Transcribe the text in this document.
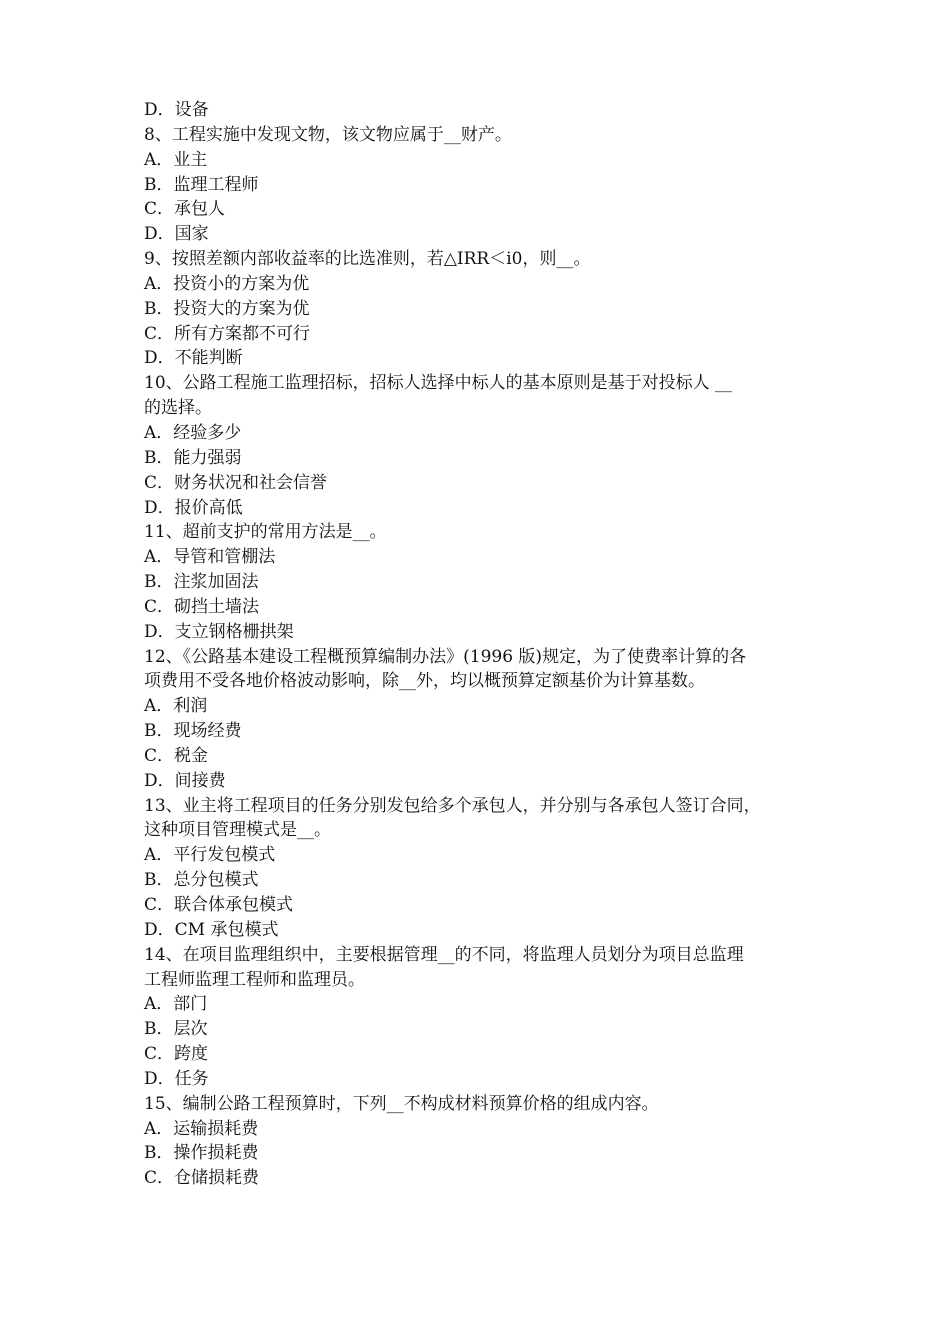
D．设备
8、工程实施中发现文物，该文物应属于__财产。
A．业主
B．监理工程师
C．承包人
D．国家
9、按照差额内部收益率的比选准则，若△IRR＜i0，则__。
A．投资小的方案为优
B．投资大的方案为优
C．所有方案都不可行
D．不能判断
10、公路工程施工监理招标，招标人选择中标人的基本原则是基于对投标人 __
的选择。
A．经验多少
B．能力强弱
C．财务状况和社会信誉
D．报价高低
11、超前支护的常用方法是__。
A．导管和管棚法
B．注浆加固法
C．砌挡土墙法
D．支立钢格栅拱架
12、《公路基本建设工程概预算编制办法》(1996 版)规定，为了使费率计算的各
项费用不受各地价格波动影响，除__外，均以概预算定额基价为计算基数。
A．利润
B．现场经费
C．税金
D．间接费
13、业主将工程项目的任务分别发包给多个承包人，并分别与各承包人签订合同，
这种项目管理模式是__。
A．平行发包模式
B．总分包模式
C．联合体承包模式
D．CM 承包模式
14、在项目监理组织中，主要根据管理__的不同，将监理人员划分为项目总监理
工程师监理工程师和监理员。
A．部门
B．层次
C．跨度
D．任务
15、编制公路工程预算时，下列__不构成材料预算价格的组成内容。
A．运输损耗费
B．操作损耗费
C．仓储损耗费
